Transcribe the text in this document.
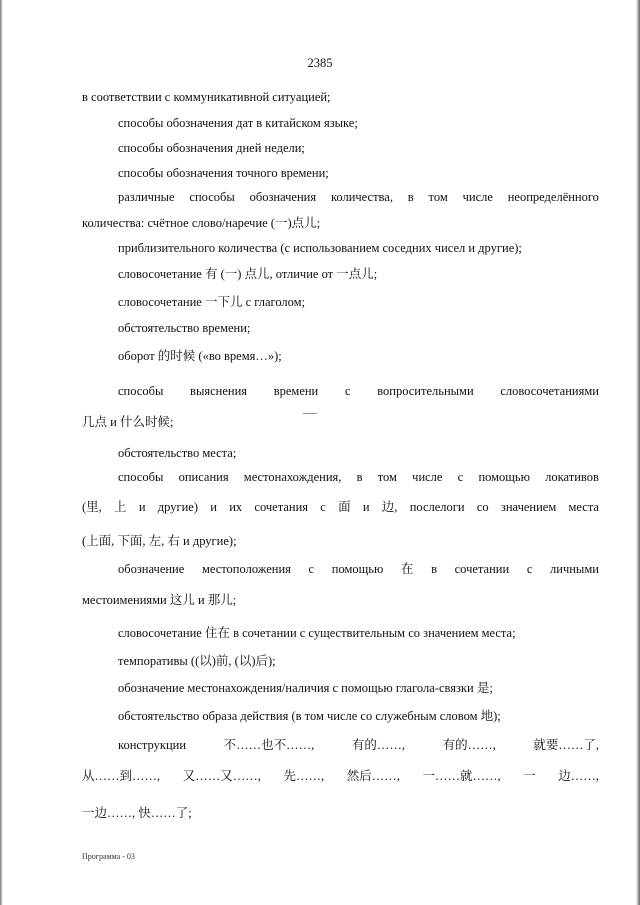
2385
в соответствии с коммуникативной ситуацией;
способы обозначения дат в китайском языке;
способы обозначения дней недели;
способы обозначения точного времени;
различные способы обозначения количества, в том числе неопределённого
количества: счётное слово/наречие (一)点儿;
приблизительного количества (с использованием соседних чисел и другие);
словосочетание 有 (一) 点儿, отличие от 一点儿;
словосочетание 一下儿 с глаголом;
обстоятельство времени;
оборот 的时候 («во время…»);
способы выяснения времени с вопросительными словосочетаниями
几点 и 什么时候;
обстоятельство места;
способы описания местонахождения, в том числе с помощью локативов
(里, 上 и другие) и их сочетания с 面 и 边, послелоги со значением места
(上面, 下面, 左, 右 и другие);
обозначение местоположения с помощью 在 в сочетании с личными
местоимениями 这儿 и 那儿;
словосочетание 住在 в сочетании с существительным со значением места;
темпоративы ((以)前, (以)后);
обозначение местонахождения/наличия с помощью глагола-связки 是;
обстоятельство образа действия (в том числе со служебным словом 地);
конструкции	不……也不……,	有的……,	有的……,	就要……了,
从……到……, 又……又……, 先……, 然后……, 一……就……, 一 边……,
一边……, 快……了;
Программа - 03
